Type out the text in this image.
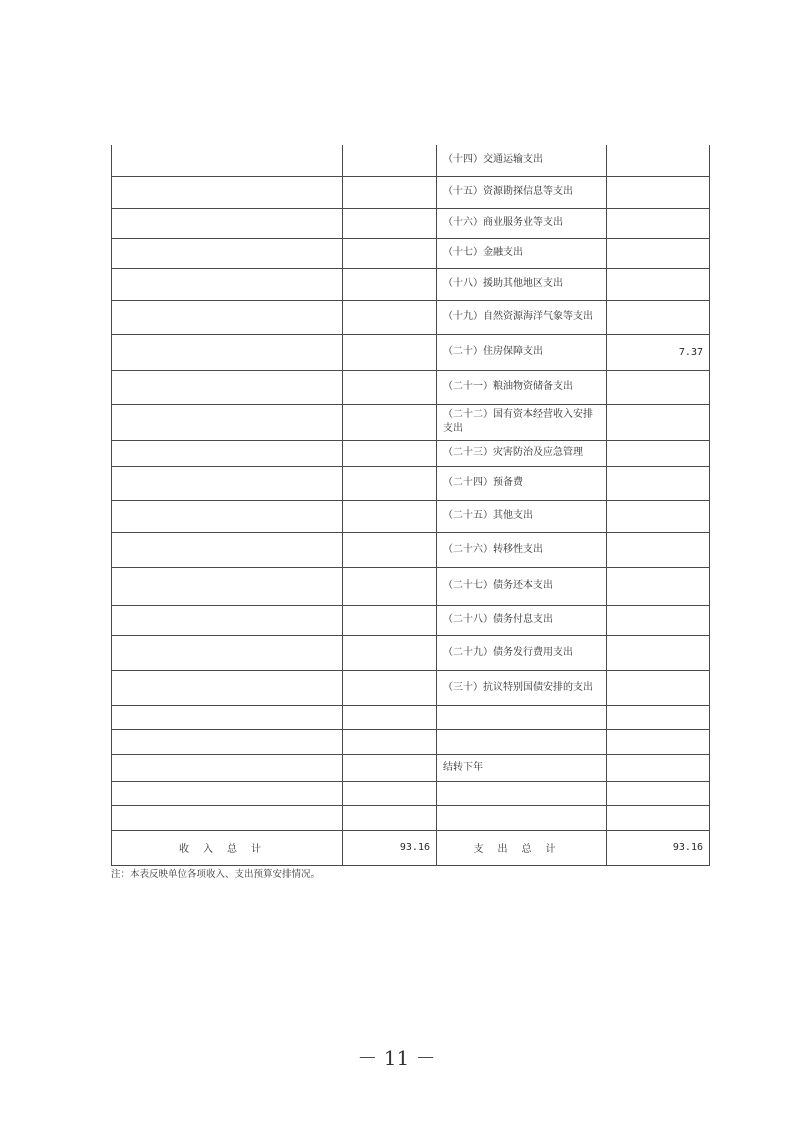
		（十四）交通运输支出	
		（十五）资源勘探信息等支出	
		（十六）商业服务业等支出	
		（十七）金融支出	
		（十八）援助其他地区支出	
		（十九）自然资源海洋气象等支出	
		（二十）住房保障支出	7.37
		（二十一）粮油物资储备支出	
		（二十二）国有资本经营收入安排支出	
		（二十三）灾害防治及应急管理	
		（二十四）预备费	
		（二十五）其他支出	
		（二十六）转移性支出	
		（二十七）债务还本支出	
		（二十八）债务付息支出	
		（二十九）债务发行费用支出	
		（三十）抗议特别国债安排的支出	

		结转下年	

收入总计	93.16	支出总计	93.16
注：本表反映单位各项收入、支出预算安排情况。
－ 11 －
